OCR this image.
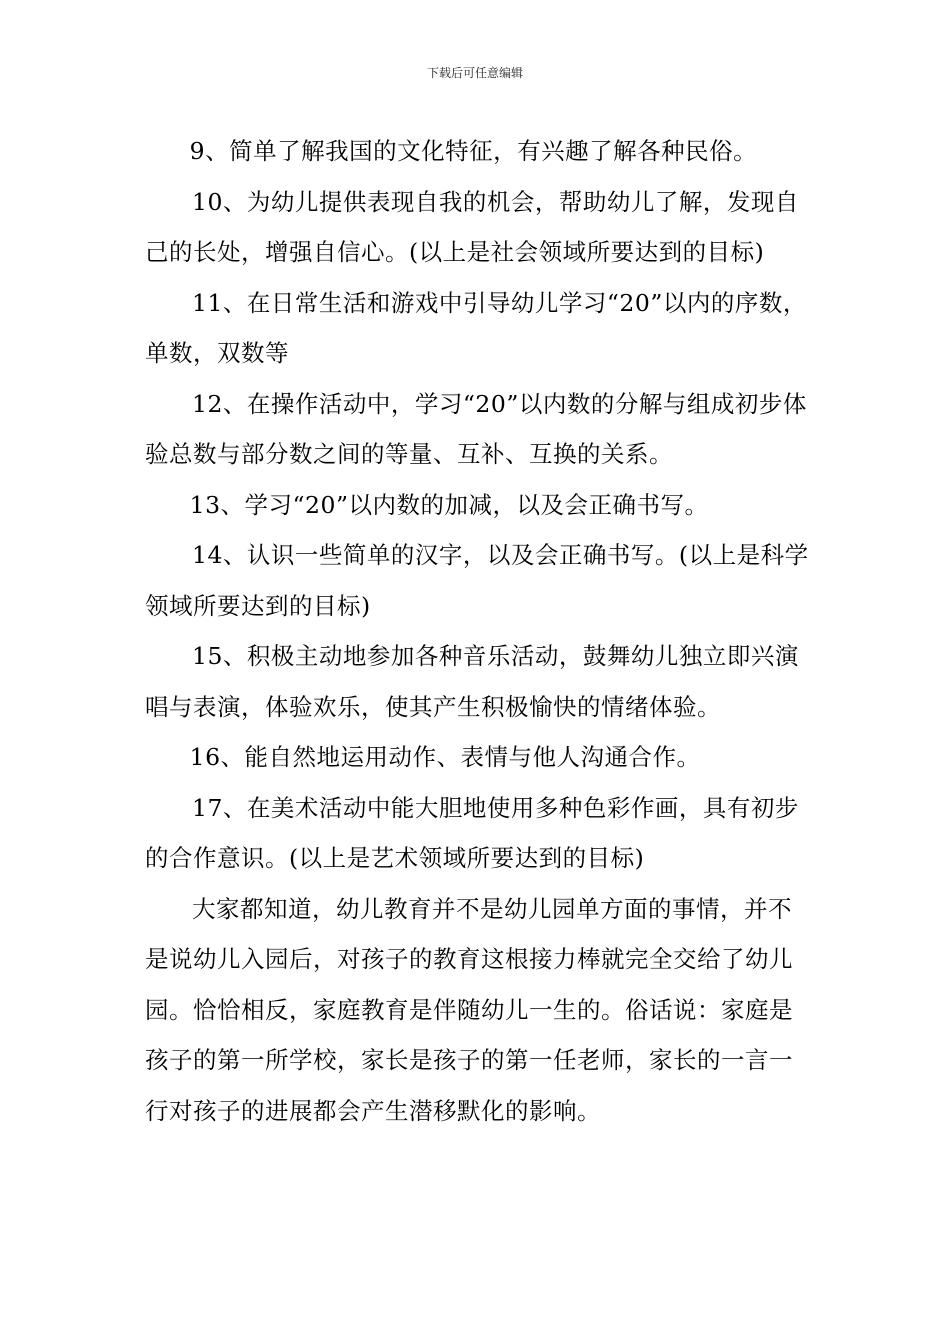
下载后可任意编辑

9、简单了解我国的文化特征，有兴趣了解各种民俗。

10、为幼儿提供表现自我的机会，帮助幼儿了解，发现自己的长处，增强自信心。(以上是社会领域所要达到的目标)

11、在日常生活和游戏中引导幼儿学习“20”以内的序数，单数，双数等

12、在操作活动中，学习“20”以内数的分解与组成初步体验总数与部分数之间的等量、互补、互换的关系。

13、学习“20”以内数的加减，以及会正确书写。

14、认识一些简单的汉字，以及会正确书写。(以上是科学领域所要达到的目标)

15、积极主动地参加各种音乐活动，鼓舞幼儿独立即兴演唱与表演，体验欢乐，使其产生积极愉快的情绪体验。

16、能自然地运用动作、表情与他人沟通合作。

17、在美术活动中能大胆地使用多种色彩作画，具有初步的合作意识。(以上是艺术领域所要达到的目标)

大家都知道，幼儿教育并不是幼儿园单方面的事情，并不是说幼儿入园后，对孩子的教育这根接力棒就完全交给了幼儿园。恰恰相反，家庭教育是伴随幼儿一生的。俗话说：家庭是孩子的第一所学校，家长是孩子的第一任老师，家长的一言一行对孩子的进展都会产生潜移默化的影响。
